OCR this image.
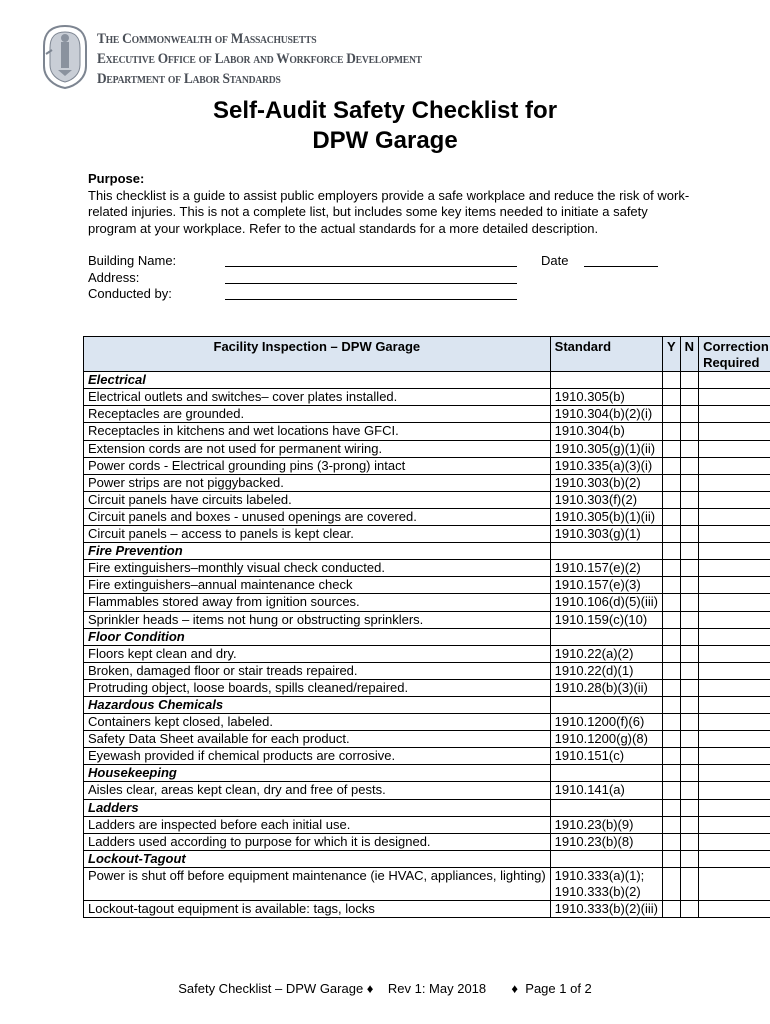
The Commonwealth of Massachusetts
Executive Office of Labor and Workforce Development
Department of Labor Standards
Self-Audit Safety Checklist for
DPW Garage
Purpose:
This checklist is a guide to assist public employers provide a safe workplace and reduce the risk of work-related injuries. This is not a complete list, but includes some key items needed to initiate a safety program at your workplace. Refer to the actual standards for a more detailed description.
Building Name:	Date
Address:
Conducted by:
Facility Inspection – DPW Garage	Standard	Y	N	Correction Required
Electrical				
Electrical outlets and switches– cover plates installed.	1910.305(b)			
Receptacles are grounded.	1910.304(b)(2)(i)			
Receptacles in kitchens and wet locations have GFCI.	1910.304(b)			
Extension cords are not used for permanent wiring.	1910.305(g)(1)(ii)			
Power cords - Electrical grounding pins (3-prong) intact	1910.335(a)(3)(i)			
Power strips are not piggybacked.	1910.303(b)(2)			
Circuit panels have circuits labeled.	1910.303(f)(2)			
Circuit panels and boxes - unused openings are covered.	1910.305(b)(1)(ii)			
Circuit panels – access to panels is kept clear.	1910.303(g)(1)			
Fire Prevention				
Fire extinguishers–monthly visual check conducted.	1910.157(e)(2)			
Fire extinguishers–annual maintenance check	1910.157(e)(3)			
Flammables stored away from ignition sources.	1910.106(d)(5)(iii)			
Sprinkler heads – items not hung or obstructing sprinklers.	1910.159(c)(10)			
Floor Condition				
Floors kept clean and dry.	1910.22(a)(2)			
Broken, damaged floor or stair treads repaired.	1910.22(d)(1)			
Protruding object, loose boards, spills cleaned/repaired.	1910.28(b)(3)(ii)			
Hazardous Chemicals				
Containers kept closed, labeled.	1910.1200(f)(6)			
Safety Data Sheet available for each product.	1910.1200(g)(8)			
Eyewash provided if chemical products are corrosive.	1910.151(c)			
Housekeeping				
Aisles clear, areas kept clean, dry and free of pests.	1910.141(a)			
Ladders				
Ladders are inspected before each initial use.	1910.23(b)(9)			
Ladders used according to purpose for which it is designed.	1910.23(b)(8)			
Lockout-Tagout				
Power is shut off before equipment maintenance (ie HVAC, appliances, lighting)	1910.333(a)(1);
1910.333(b)(2)			
Lockout-tagout equipment is available: tags, locks	1910.333(b)(2)(iii)			
Safety Checklist – DPW Garage ♦    Rev 1: May 2018       ♦  Page 1 of 2
